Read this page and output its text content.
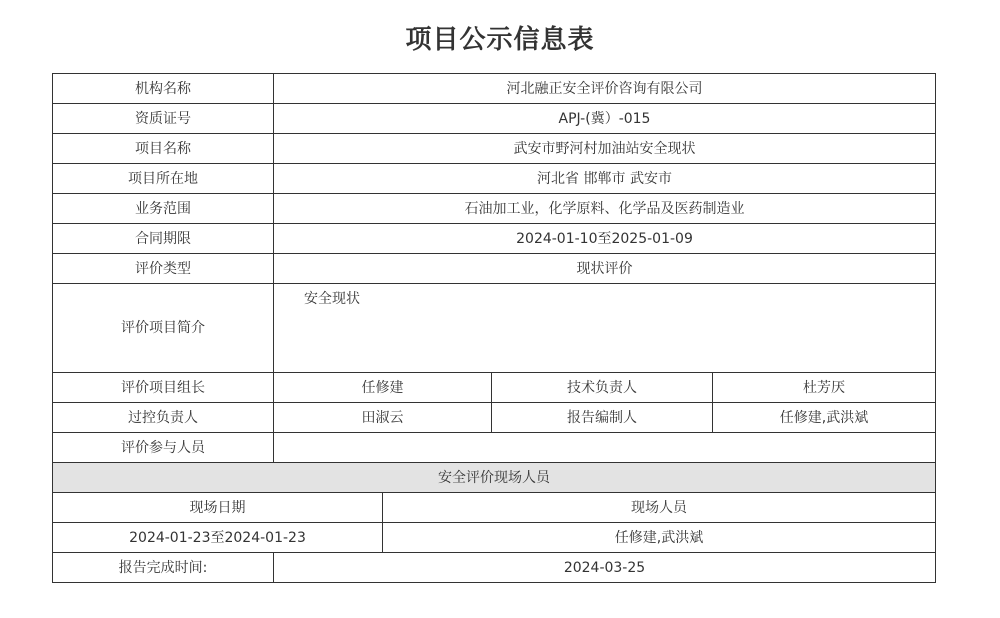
项目公示信息表
机构名称	河北融正安全评价咨询有限公司			
资质证号	APJ-(冀）-015			
项目名称	武安市野河村加油站安全现状			
项目所在地	河北省 邯郸市 武安市			
业务范围	石油加工业，化学原料、化学品及医药制造业			
合同期限	2024-01-10至2025-01-09			
评价类型	现状评价			
评价项目简介	安全现状			
评价项目组长	任修建		技术负责人	杜芳厌
过控负责人	田淑云		报告编制人	任修建,武洪斌
评价参与人员				
安全评价现场人员				
现场日期		现场人员		
2024-01-23至2024-01-23		任修建,武洪斌		
报告完成时间:	2024-03-25			
